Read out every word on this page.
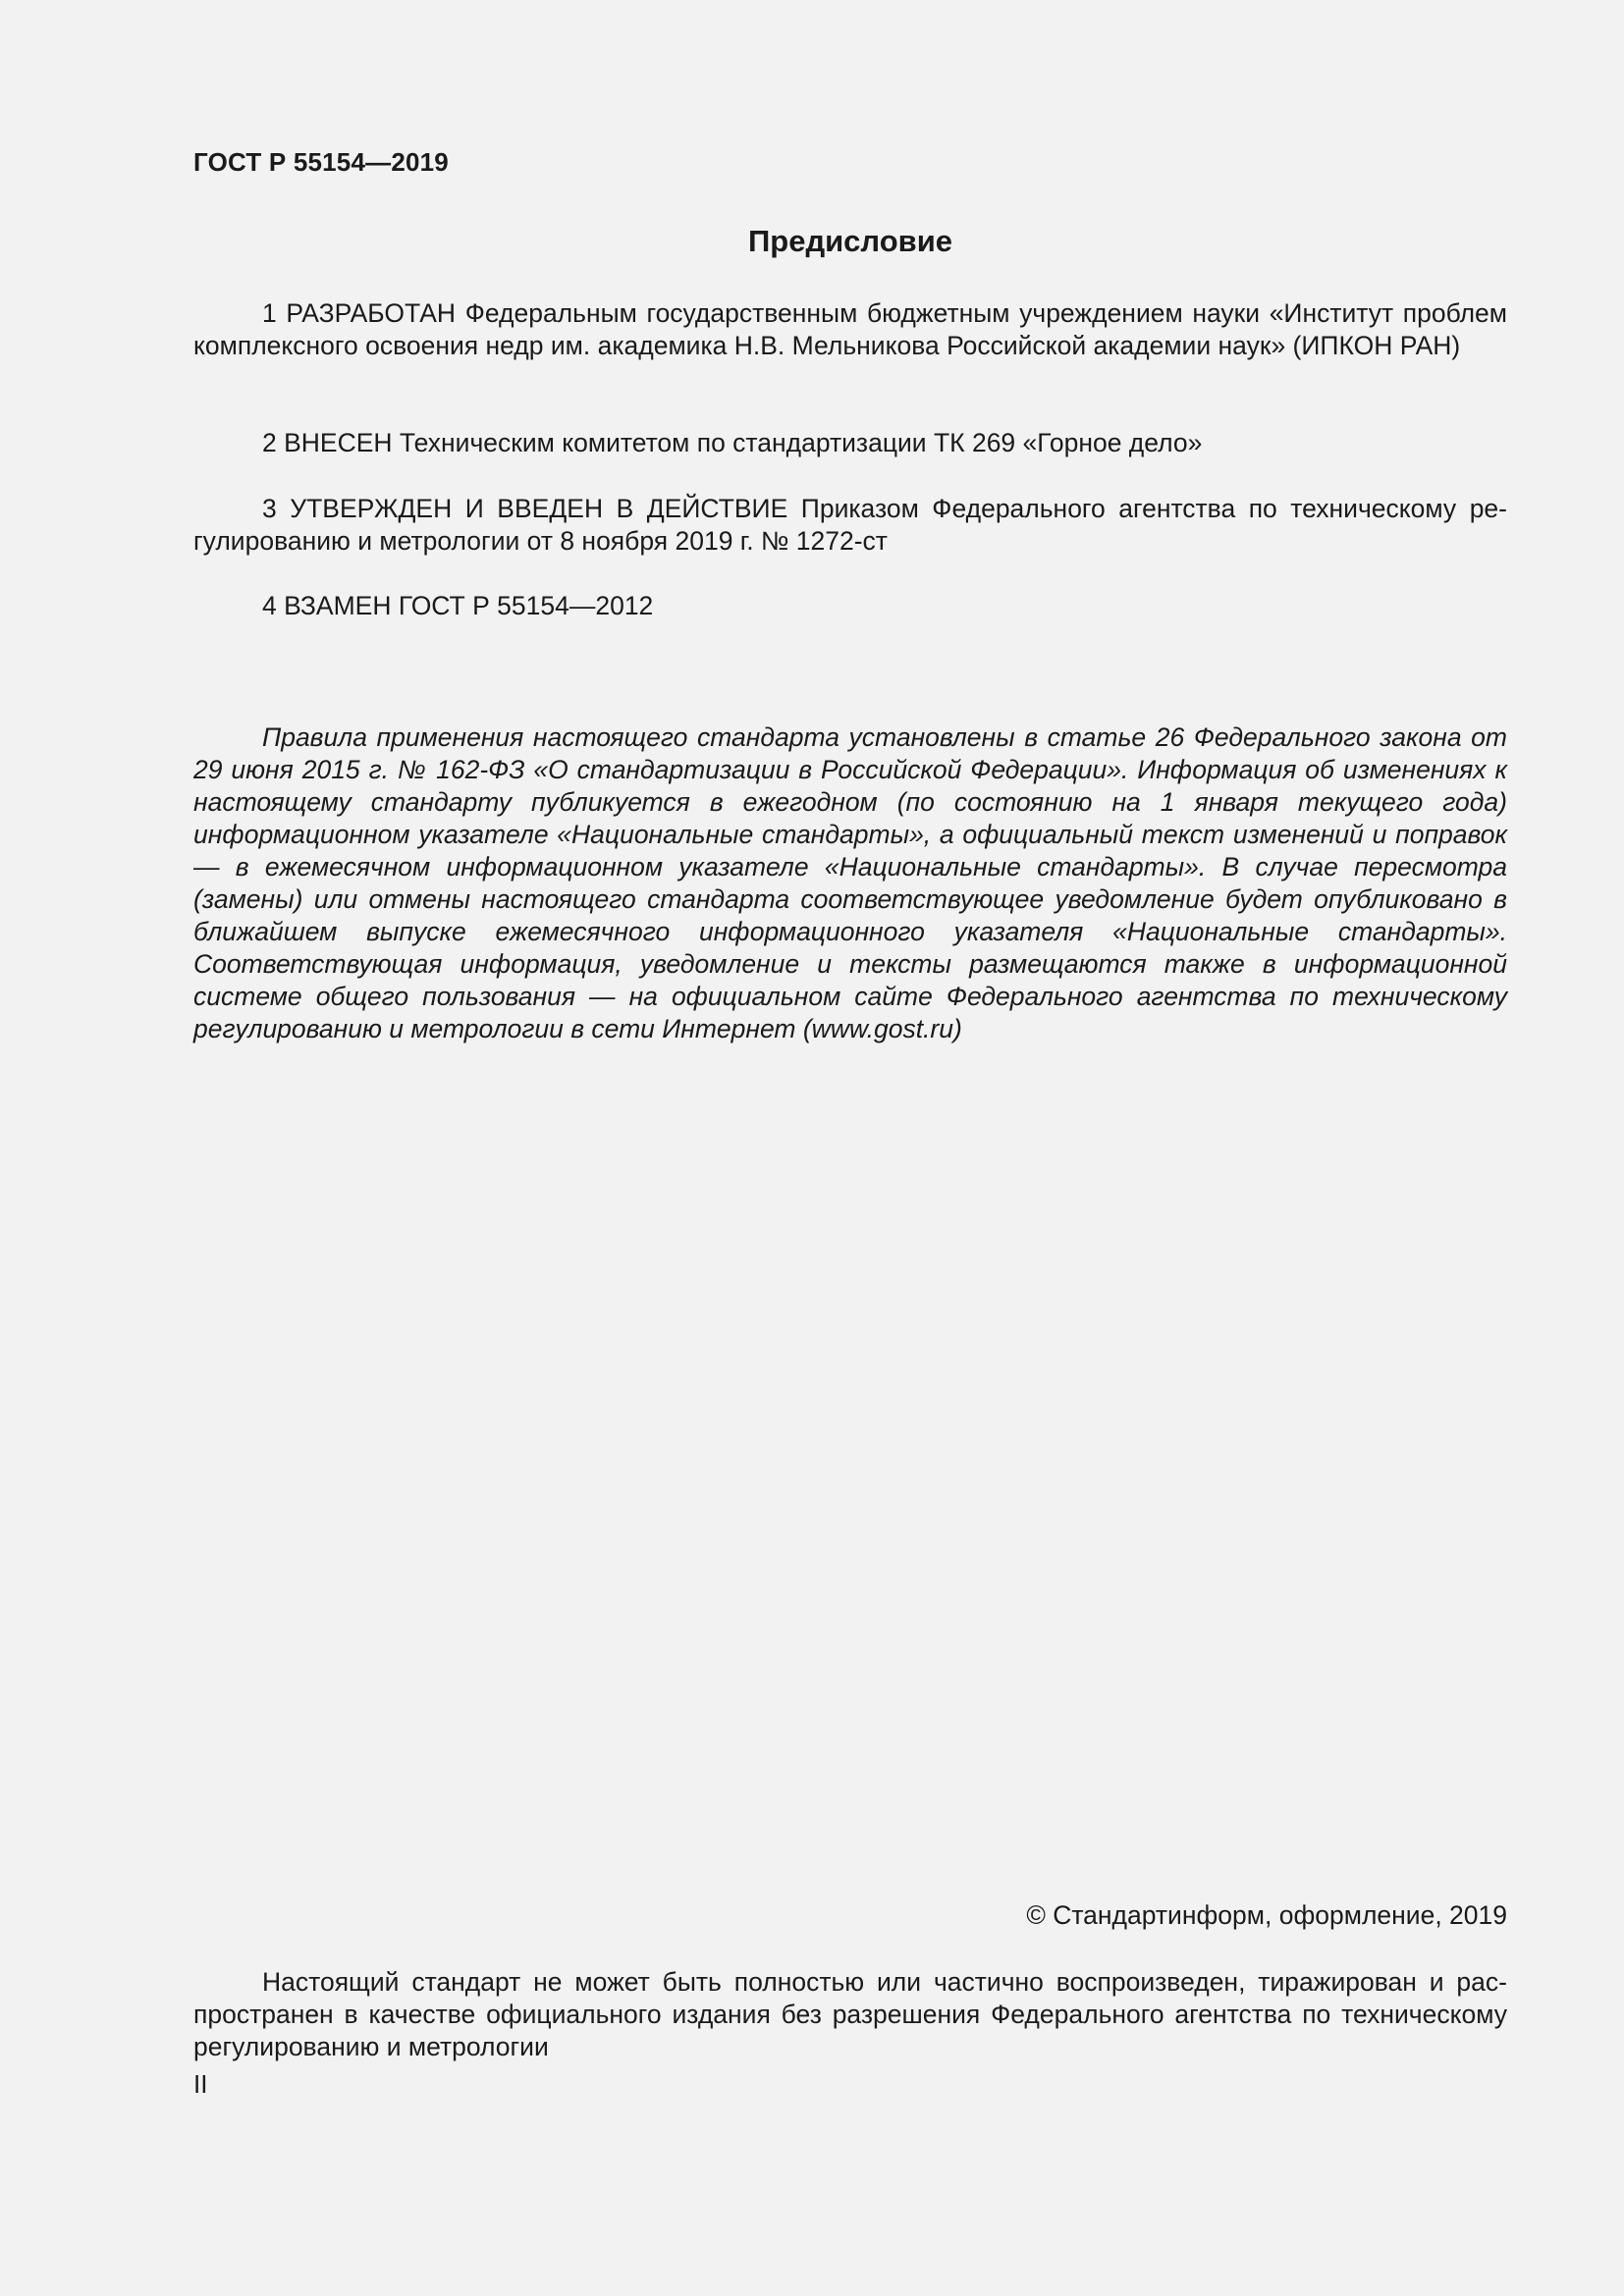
ГОСТ Р 55154—2019
Предисловие

1 РАЗРАБОТАН Федеральным государственным бюджетным учреждением науки «Институт проблем комплексного освоения недр им. академика Н.В. Мельникова Российской академии наук» (ИПКОН РАН)

2 ВНЕСЕН Техническим комитетом по стандартизации ТК 269 «Горное дело»

3 УТВЕРЖДЕН И ВВЕДЕН В ДЕЙСТВИЕ Приказом Федерального агентства по техническому регулированию и метрологии от 8 ноября 2019 г. № 1272-ст

4 ВЗАМЕН ГОСТ Р 55154—2012

Правила применения настоящего стандарта установлены в статье 26 Федерального закона от 29 июня 2015 г. № 162-ФЗ «О стандартизации в Российской Федерации». Информация об изменениях к настоящему стандарту публикуется в ежегодном (по состоянию на 1 января текущего года) информационном указателе «Национальные стандарты», а официальный текст изменений и поправок — в ежемесячном информационном указателе «Национальные стандарты». В случае пересмотра (замены) или отмены настоящего стандарта соответствующее уведомление будет опубликовано в ближайшем выпуске ежемесячного информационного указателя «Национальные стандарты». Соответствующая информация, уведомление и тексты размещаются также в информационной системе общего пользования — на официальном сайте Федерального агентства по техническому регулированию и метрологии в сети Интернет (www.gost.ru)

© Стандартинформ, оформление, 2019

Настоящий стандарт не может быть полностью или частично воспроизведен, тиражирован и распространен в качестве официального издания без разрешения Федерального агентства по техническому регулированию и метрологии

II
